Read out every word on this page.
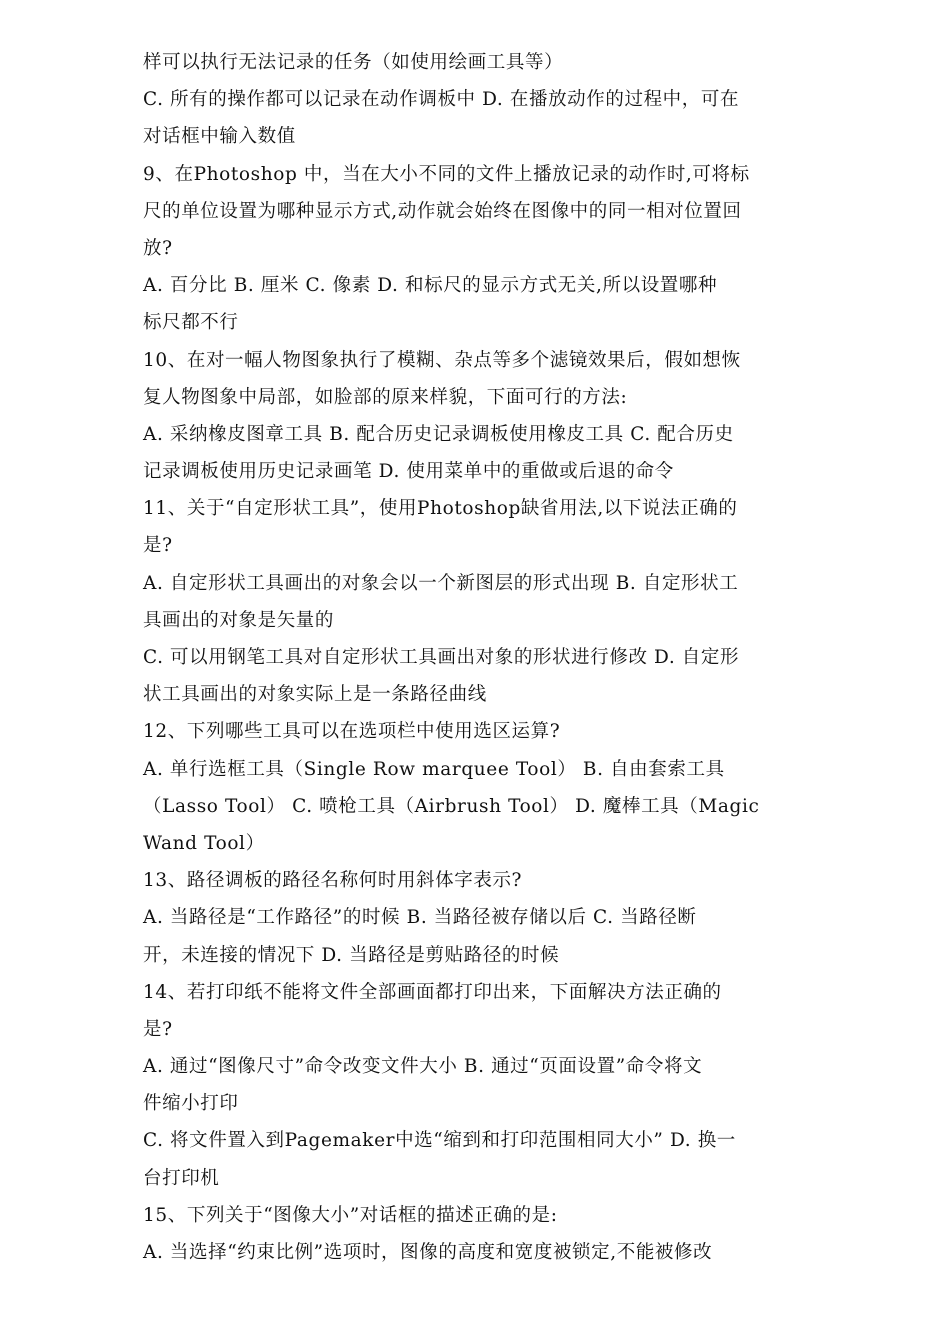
样可以执行无法记录的任务（如使用绘画工具等）
C. 所有的操作都可以记录在动作调板中 D. 在播放动作的过程中，可在
对话框中输入数值
9、在Photoshop 中，当在大小不同的文件上播放记录的动作时,可将标
尺的单位设置为哪种显示方式,动作就会始终在图像中的同一相对位置回
放?
A. 百分比 B. 厘米 C. 像素 D. 和标尺的显示方式无关,所以设置哪种
标尺都不行
10、在对一幅人物图象执行了模糊、杂点等多个滤镜效果后，假如想恢
复人物图象中局部，如脸部的原来样貌，下面可行的方法:
A. 采纳橡皮图章工具 B. 配合历史记录调板使用橡皮工具 C. 配合历史
记录调板使用历史记录画笔 D. 使用菜单中的重做或后退的命令
11、关于“自定形状工具”，使用Photoshop缺省用法,以下说法正确的
是?
A. 自定形状工具画出的对象会以一个新图层的形式出现 B. 自定形状工
具画出的对象是矢量的
C. 可以用钢笔工具对自定形状工具画出对象的形状进行修改 D. 自定形
状工具画出的对象实际上是一条路径曲线
12、下列哪些工具可以在选项栏中使用选区运算?
A. 单行选框工具（Single Row marquee Tool） B. 自由套索工具
（Lasso Tool） C. 喷枪工具（Airbrush Tool） D. 魔棒工具（Magic
Wand Tool）
13、路径调板的路径名称何时用斜体字表示?
A. 当路径是“工作路径”的时候 B. 当路径被存储以后 C. 当路径断
开，未连接的情况下 D. 当路径是剪贴路径的时候
14、若打印纸不能将文件全部画面都打印出来，下面解决方法正确的
是?
A. 通过“图像尺寸”命令改变文件大小 B. 通过“页面设置”命令将文
件缩小打印
C. 将文件置入到Pagemaker中选“缩到和打印范围相同大小” D. 换一
台打印机
15、下列关于“图像大小”对话框的描述正确的是:
A. 当选择“约束比例”选项时，图像的高度和宽度被锁定,不能被修改
